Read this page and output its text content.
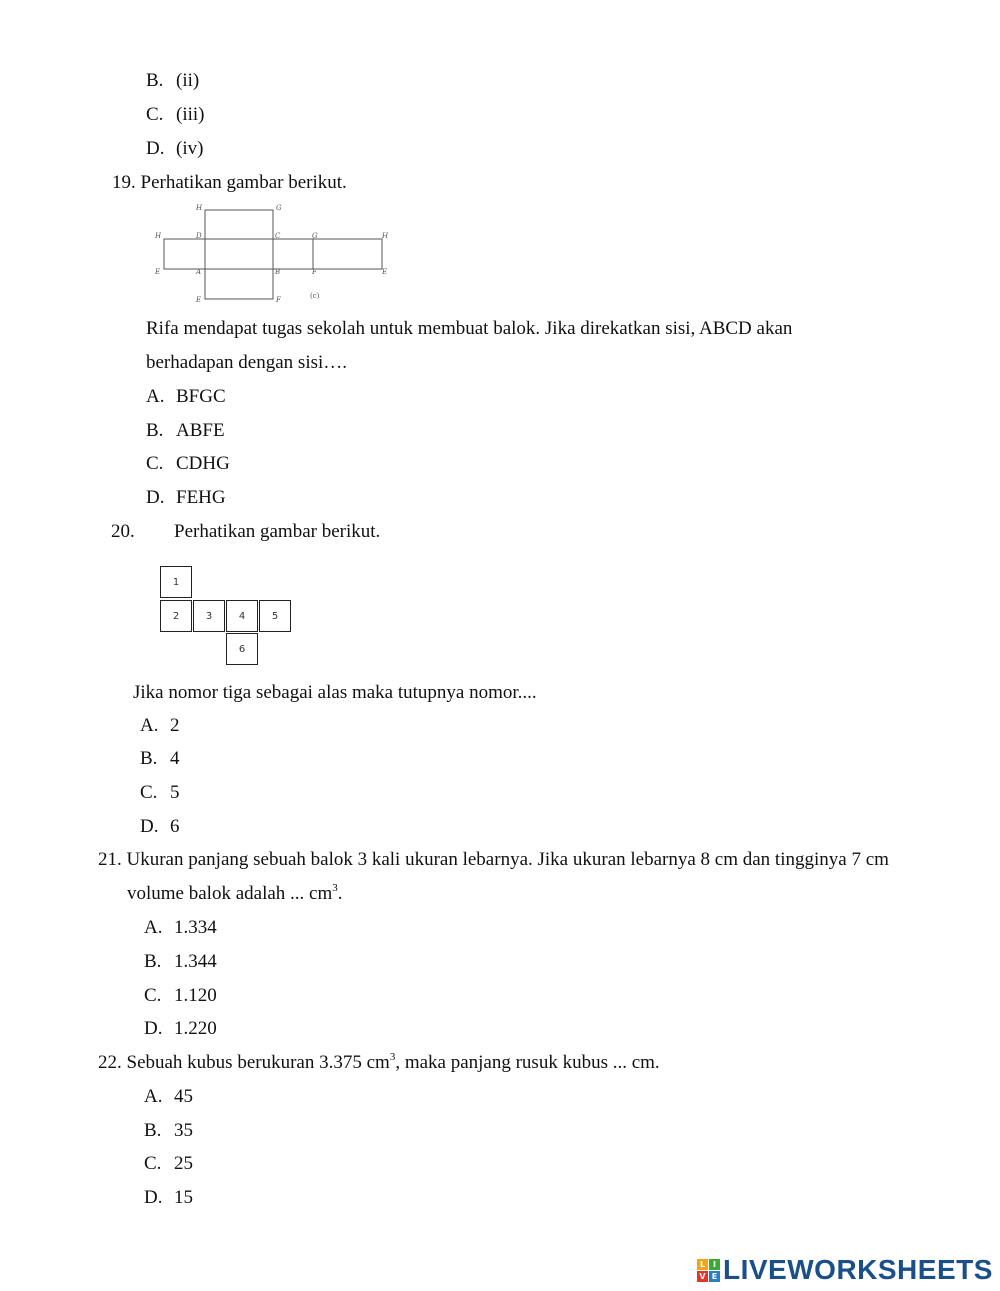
B. (ii)
C. (iii)
D. (iv)
19. Perhatikan gambar berikut.
H	G
H	D	C	G	H
E	A	B	F	E
E	F	(c)
Rifa mendapat tugas sekolah untuk membuat balok. Jika direkatkan sisi, ABCD akan
berhadapan dengan sisi….
A. BFGC
B. ABFE
C. CDHG
D. FEHG
20. Perhatikan gambar berikut.
1
2	3	4	5
6
Jika nomor tiga sebagai alas maka tutupnya nomor....
A. 2
B. 4
C. 5
D. 6
21. Ukuran panjang sebuah balok 3 kali ukuran lebarnya. Jika ukuran lebarnya 8 cm dan tingginya 7 cm
volume balok adalah ... $cm^3$.
A. 1.334
B. 1.344
C. 1.120
D. 1.220
22. Sebuah kubus berukuran 3.375 $cm^3$, maka panjang rusuk kubus ... cm.
A. 45
B. 35
C. 25
D. 15
L I
V E LIVEWORKSHEETS
